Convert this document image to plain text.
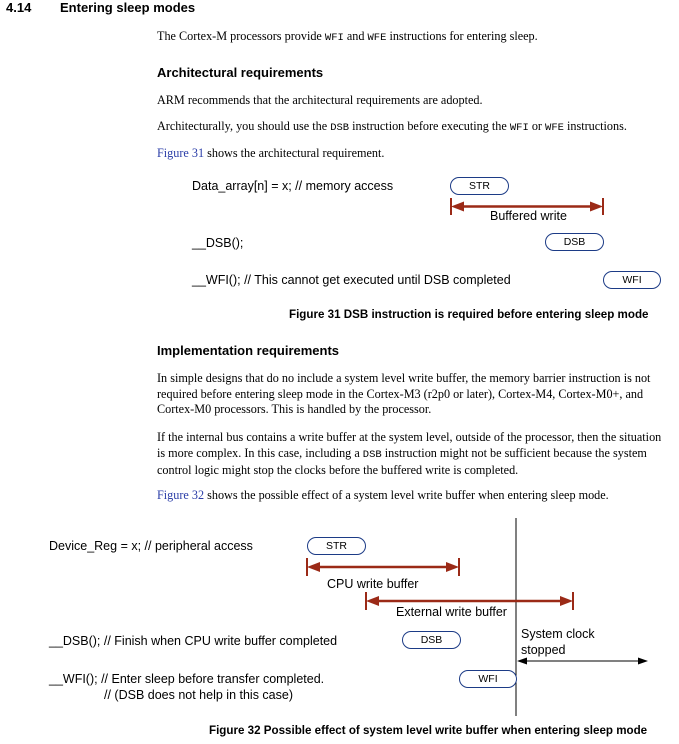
4.14 Entering sleep modes
The Cortex-M processors provide WFI and WFE instructions for entering sleep.
Architectural requirements
ARM recommends that the architectural requirements are adopted.
Architecturally, you should use the DSB instruction before executing the WFI or WFE instructions.
Figure 31 shows the architectural requirement.
Data_array[n] = x; // memory access
__DSB();
__WFI(); // This cannot get executed until DSB completed
STR
DSB
WFI
Buffered write
Figure 31 DSB instruction is required before entering sleep mode
Implementation requirements
In simple designs that do no include a system level write buffer, the memory barrier instruction is not required before entering sleep mode in the Cortex-M3 (r2p0 or later), Cortex-M4, Cortex-M0+, and Cortex-M0 processors. This is handled by the processor.
If the internal bus contains a write buffer at the system level, outside of the processor, then the situation is more complex. In this case, including a DSB instruction might not be sufficient because the system control logic might stop the clocks before the buffered write is completed.
Figure 32 shows the possible effect of a system level write buffer when entering sleep mode.
Device_Reg = x; // peripheral access
__DSB(); // Finish when CPU write buffer completed
__WFI(); // Enter sleep before transfer completed.
// (DSB does not help in this case)
STR
DSB
WFI
CPU write buffer
External write buffer
System clock
stopped
Figure 32 Possible effect of system level write buffer when entering sleep mode
